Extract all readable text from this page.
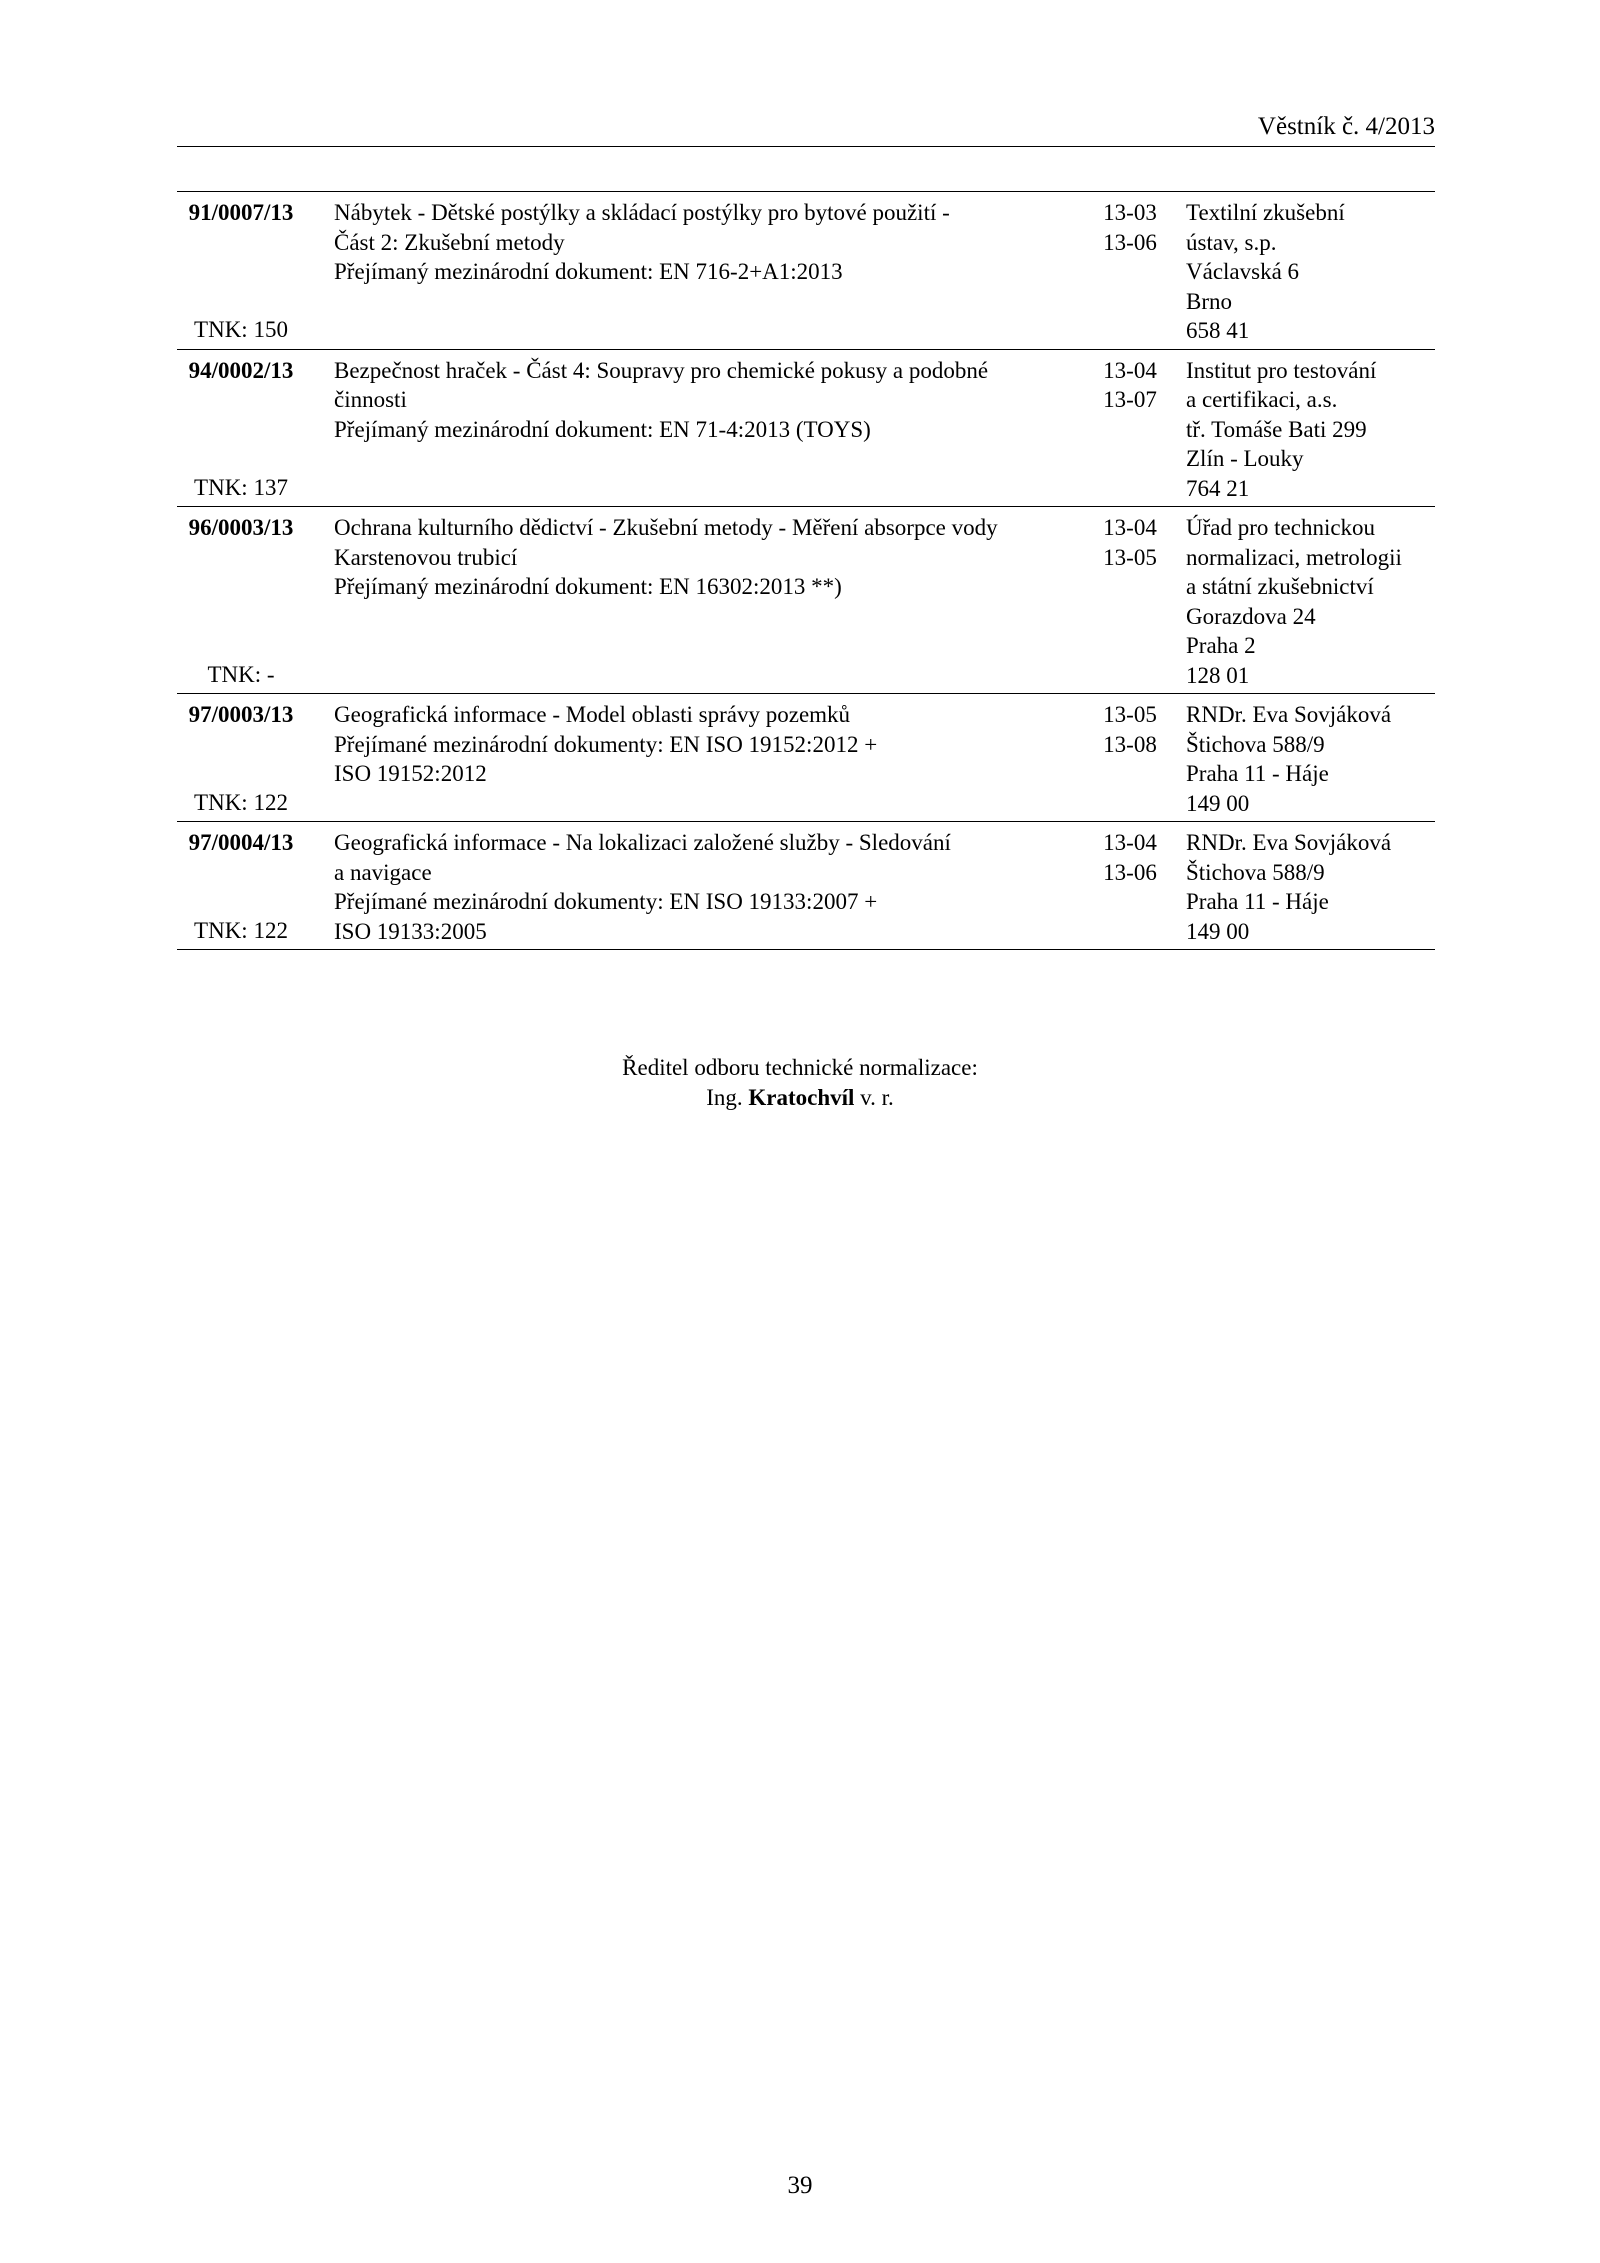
Věstník č. 4/2013
91/0007/13
TNK: 150
Nábytek - Dětské postýlky a skládací postýlky pro bytové použití -
Část 2: Zkušební metody
Přejímaný mezinárodní dokument: EN 716-2+A1:2013
13-03
13-06
Textilní zkušební
ústav, s.p.
Václavská 6
Brno
658 41
94/0002/13
TNK: 137
Bezpečnost hraček - Část 4: Soupravy pro chemické pokusy a podobné
činnosti
Přejímaný mezinárodní dokument: EN 71-4:2013 (TOYS)
13-04
13-07
Institut pro testování
a certifikaci, a.s.
tř. Tomáše Bati 299
Zlín - Louky
764 21
96/0003/13
TNK: -
Ochrana kulturního dědictví - Zkušební metody - Měření absorpce vody
Karstenovou trubicí
Přejímaný mezinárodní dokument: EN 16302:2013 **)
13-04
13-05
Úřad pro technickou
normalizaci, metrologii
a státní zkušebnictví
Gorazdova 24
Praha 2
128 01
97/0003/13
TNK: 122
Geografická informace - Model oblasti správy pozemků
Přejímané mezinárodní dokumenty: EN ISO 19152:2012 +
ISO 19152:2012
13-05
13-08
RNDr. Eva Sovjáková
Štichova 588/9
Praha 11 - Háje
149 00
97/0004/13
TNK: 122
Geografická informace - Na lokalizaci založené služby - Sledování
a navigace
Přejímané mezinárodní dokumenty: EN ISO 19133:2007 +
ISO 19133:2005
13-04
13-06
RNDr. Eva Sovjáková
Štichova 588/9
Praha 11 - Háje
149 00
Ředitel odboru technické normalizace:
Ing. Kratochvíl v. r.
39
